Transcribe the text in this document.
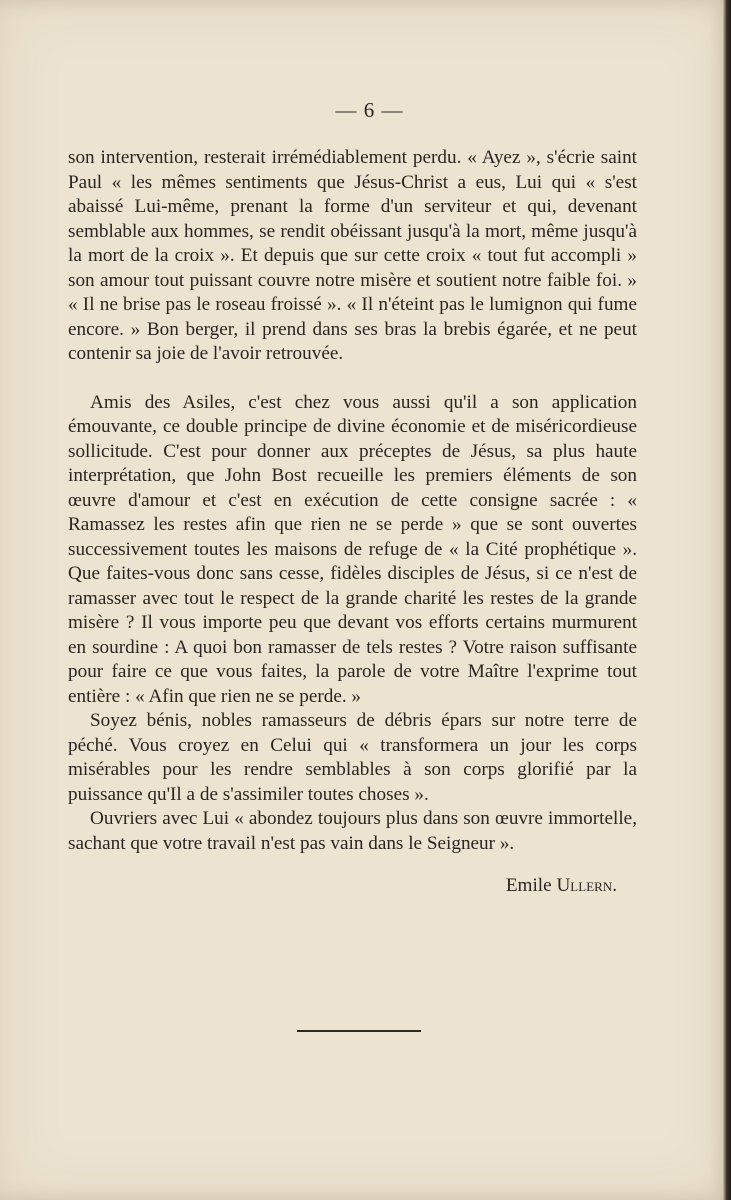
— 6 —

son intervention, resterait irrémédiablement perdu. « Ayez », s'écrie saint Paul « les mêmes sentiments que Jésus-Christ a eus, Lui qui « s'est abaissé Lui-même, prenant la forme d'un serviteur et qui, devenant semblable aux hommes, se rendit obéissant jusqu'à la mort, même jusqu'à la mort de la croix ». Et depuis que sur cette croix « tout fut accompli » son amour tout puissant couvre notre misère et soutient notre faible foi. » « Il ne brise pas le roseau froissé ». « Il n'éteint pas le lumignon qui fume encore. » Bon berger, il prend dans ses bras la brebis égarée, et ne peut contenir sa joie de l'avoir retrouvée.

Amis des Asiles, c'est chez vous aussi qu'il a son application émouvante, ce double principe de divine économie et de miséricordieuse sollicitude. C'est pour donner aux préceptes de Jésus, sa plus haute interprétation, que John Bost recueille les premiers éléments de son œuvre d'amour et c'est en exécution de cette consigne sacrée : « Ramassez les restes afin que rien ne se perde » que se sont ouvertes successivement toutes les maisons de refuge de « la Cité prophétique ». Que faites-vous donc sans cesse, fidèles disciples de Jésus, si ce n'est de ramasser avec tout le respect de la grande charité les restes de la grande misère ? Il vous importe peu que devant vos efforts certains murmurent en sourdine : A quoi bon ramasser de tels restes ? Votre raison suffisante pour faire ce que vous faites, la parole de votre Maître l'exprime tout entière : « Afin que rien ne se perde. »

Soyez bénis, nobles ramasseurs de débris épars sur notre terre de péché. Vous croyez en Celui qui « transformera un jour les corps misérables pour les rendre semblables à son corps glorifié par la puissance qu'Il a de s'assimiler toutes choses ».

Ouvriers avec Lui « abondez toujours plus dans son œuvre immortelle, sachant que votre travail n'est pas vain dans le Seigneur ».

Emile Ullern.
